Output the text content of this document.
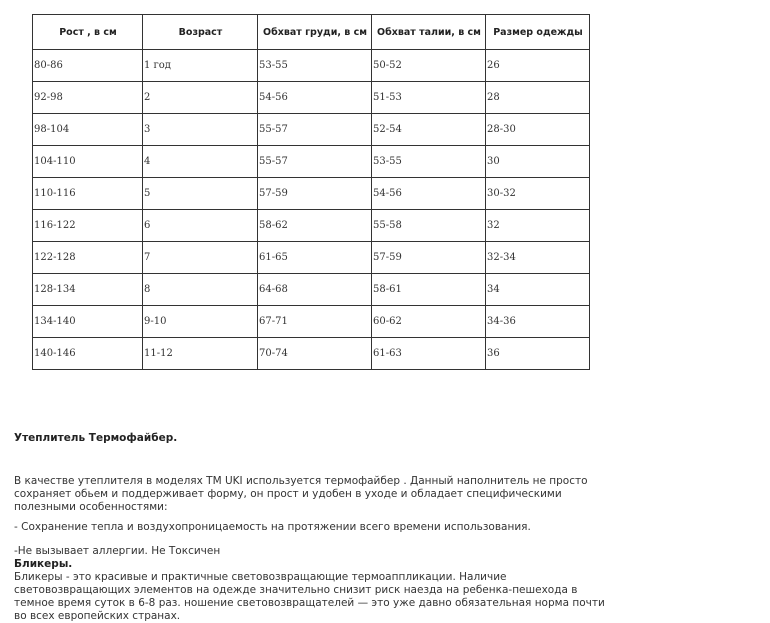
Рост , в см	Возраст	Обхват груди, в см	Обхват талии, в см	Размер одежды
80-86	1 год	53-55	50-52	26
92-98	2	54-56	51-53	28
98-104	3	55-57	52-54	28-30
104-110	4	55-57	53-55	30
110-116	5	57-59	54-56	30-32
116-122	6	58-62	55-58	32
122-128	7	61-65	57-59	32-34
128-134	8	64-68	58-61	34
134-140	9-10	67-71	60-62	34-36
140-146	11-12	70-74	61-63	36
Утеплитель Термофайбер.
В качестве утеплителя в моделях TM UKI используется термофайбер . Данный наполнитель не просто сохраняет обьем и поддерживает форму, он прост и удобен в уходе и обладает специфическими полезными особенностями:
- Сохранение тепла и воздухопроницаемость на протяжении всего времени использования.
-Не вызывает аллергии. Не Токсичен
Бликеры.
Бликеры - это красивые и практичные световозвращающие термоаппликации. Наличие световозвращающих элементов на одежде значительно снизит риск наезда на ребенка-пешехода в темное время суток в 6-8 раз. ношение световозвращателей — это уже давно обязательная норма почти во всех европейских странах.
